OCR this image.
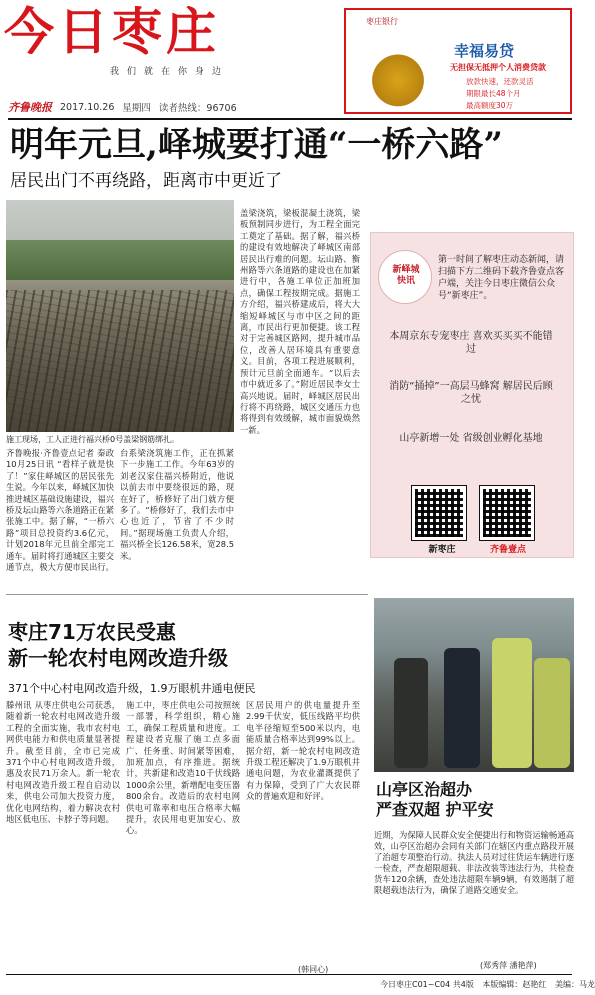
今日枣庄
我们就在你身边
齐鲁晚报 2017.10.26 星期四 读者热线：96706
枣庄银行
幸福易贷
无担保无抵押个人消费贷款
放款快速，还款灵活
期限最长48个月
最高额度30万
明年元旦,峄城要打通“一桥六路”
居民出门不再绕路，距离市中更近了
施工现场，工人正进行福兴桥0号盖梁钢筋绑扎。
齐鲁晚报·齐鲁壹点记者 秦政 10月25日讯 “看样子就是快了！”家住峄城区的居民张先生说。今年以来，峄城区加快推进城区基础设施建设，福兴桥及坛山路等六条道路正在紧张施工中。据了解，“一桥六路”项目总投资约3.6亿元，计划2018年元旦前全部完工通车。届时将打通城区主要交通节点，极大方便市民出行。
台系梁浇筑施工作，正在抓紧下一步施工工作。今年63岁的刘老汉家住福兴桥附近，他说以前去市中要绕很远的路，现在好了，桥修好了出门就方便多了。“桥修好了，我们去市中心也近了，节省了不少时间。”据现场施工负责人介绍，福兴桥全长126.58米，宽28.5米。
盖梁浇筑，梁板混凝土浇筑，梁板预制同步进行，为工程全面完工奠定了基础。据了解，福兴桥的建设有效地解决了峄城区南部居民出行难的问题。坛山路、衡州路等六条道路的建设也在加紧进行中，各施工单位正加班加点，确保工程按期完成。据施工方介绍，福兴桥建成后，将大大缩短峄城区与市中区之间的距离，市民出行更加便捷。该工程对于完善城区路网，提升城市品位，改善人居环境具有重要意义。目前，各项工程进展顺利，预计元旦前全面通车。“以后去市中就近多了。”附近居民李女士高兴地说。届时，峄城区居民出行将不再绕路，城区交通压力也将得到有效缓解，城市面貌焕然一新。
新峄城快讯
第一时间了解枣庄动态新闻，请扫描下方二维码下载齐鲁壹点客户端，关注今日枣庄微信公众号“新枣庄”。
本周京东专宠枣庄 喜欢买买买不能错过
消防“捅掉”一高层马蜂窝 解居民后顾之忧
山亭新增一处 省级创业孵化基地
新枣庄	齐鲁壹点
枣庄71万农民受惠
新一轮农村电网改造升级
371个中心村电网改造升级，1.9万眼机井通电便民
滕州讯 从枣庄供电公司获悉，随着新一轮农村电网改造升级工程的全面实施，我市农村电网供电能力和供电质量显著提升。截至目前，全市已完成371个中心村电网改造升级，惠及农民71万余人。新一轮农村电网改造升级工程自启动以来，供电公司加大投资力度，优化电网结构，着力解决农村地区低电压、卡脖子等问题。
施工中，枣庄供电公司按照统一部署，科学组织，精心施工，确保工程质量和进度。工程建设者克服了施工点多面广、任务重、时间紧等困难，加班加点，有序推进。据统计，共新建和改造10千伏线路1000余公里，新增配电变压器800余台。改造后的农村电网供电可靠率和电压合格率大幅提升，农民用电更加安心、放心。
区居民用户的供电量提升至2.99千伏安，低压线路平均供电半径缩短至500米以内，电能质量合格率达到99%以上。据介绍，新一轮农村电网改造升级工程还解决了1.9万眼机井通电问题，为农业灌溉提供了有力保障，受到了广大农民群众的普遍欢迎和好评。
(韩同心)
山亭区治超办
严查双超 护平安
近期，为保障人民群众安全便捷出行和物资运输畅通高效，山亭区治超办会同有关部门在辖区内重点路段开展了治超专项整治行动。执法人员对过往货运车辆进行逐一检查，严查超限超载、非法改装等违法行为，共检查货车120余辆，查处违法超限车辆9辆，有效遏制了超限超载违法行为，确保了道路交通安全。
(郑秀萍 潘艳萍)
今日枣庄C01~C04 共4版 本版编辑：赵艳红 美编：马龙
